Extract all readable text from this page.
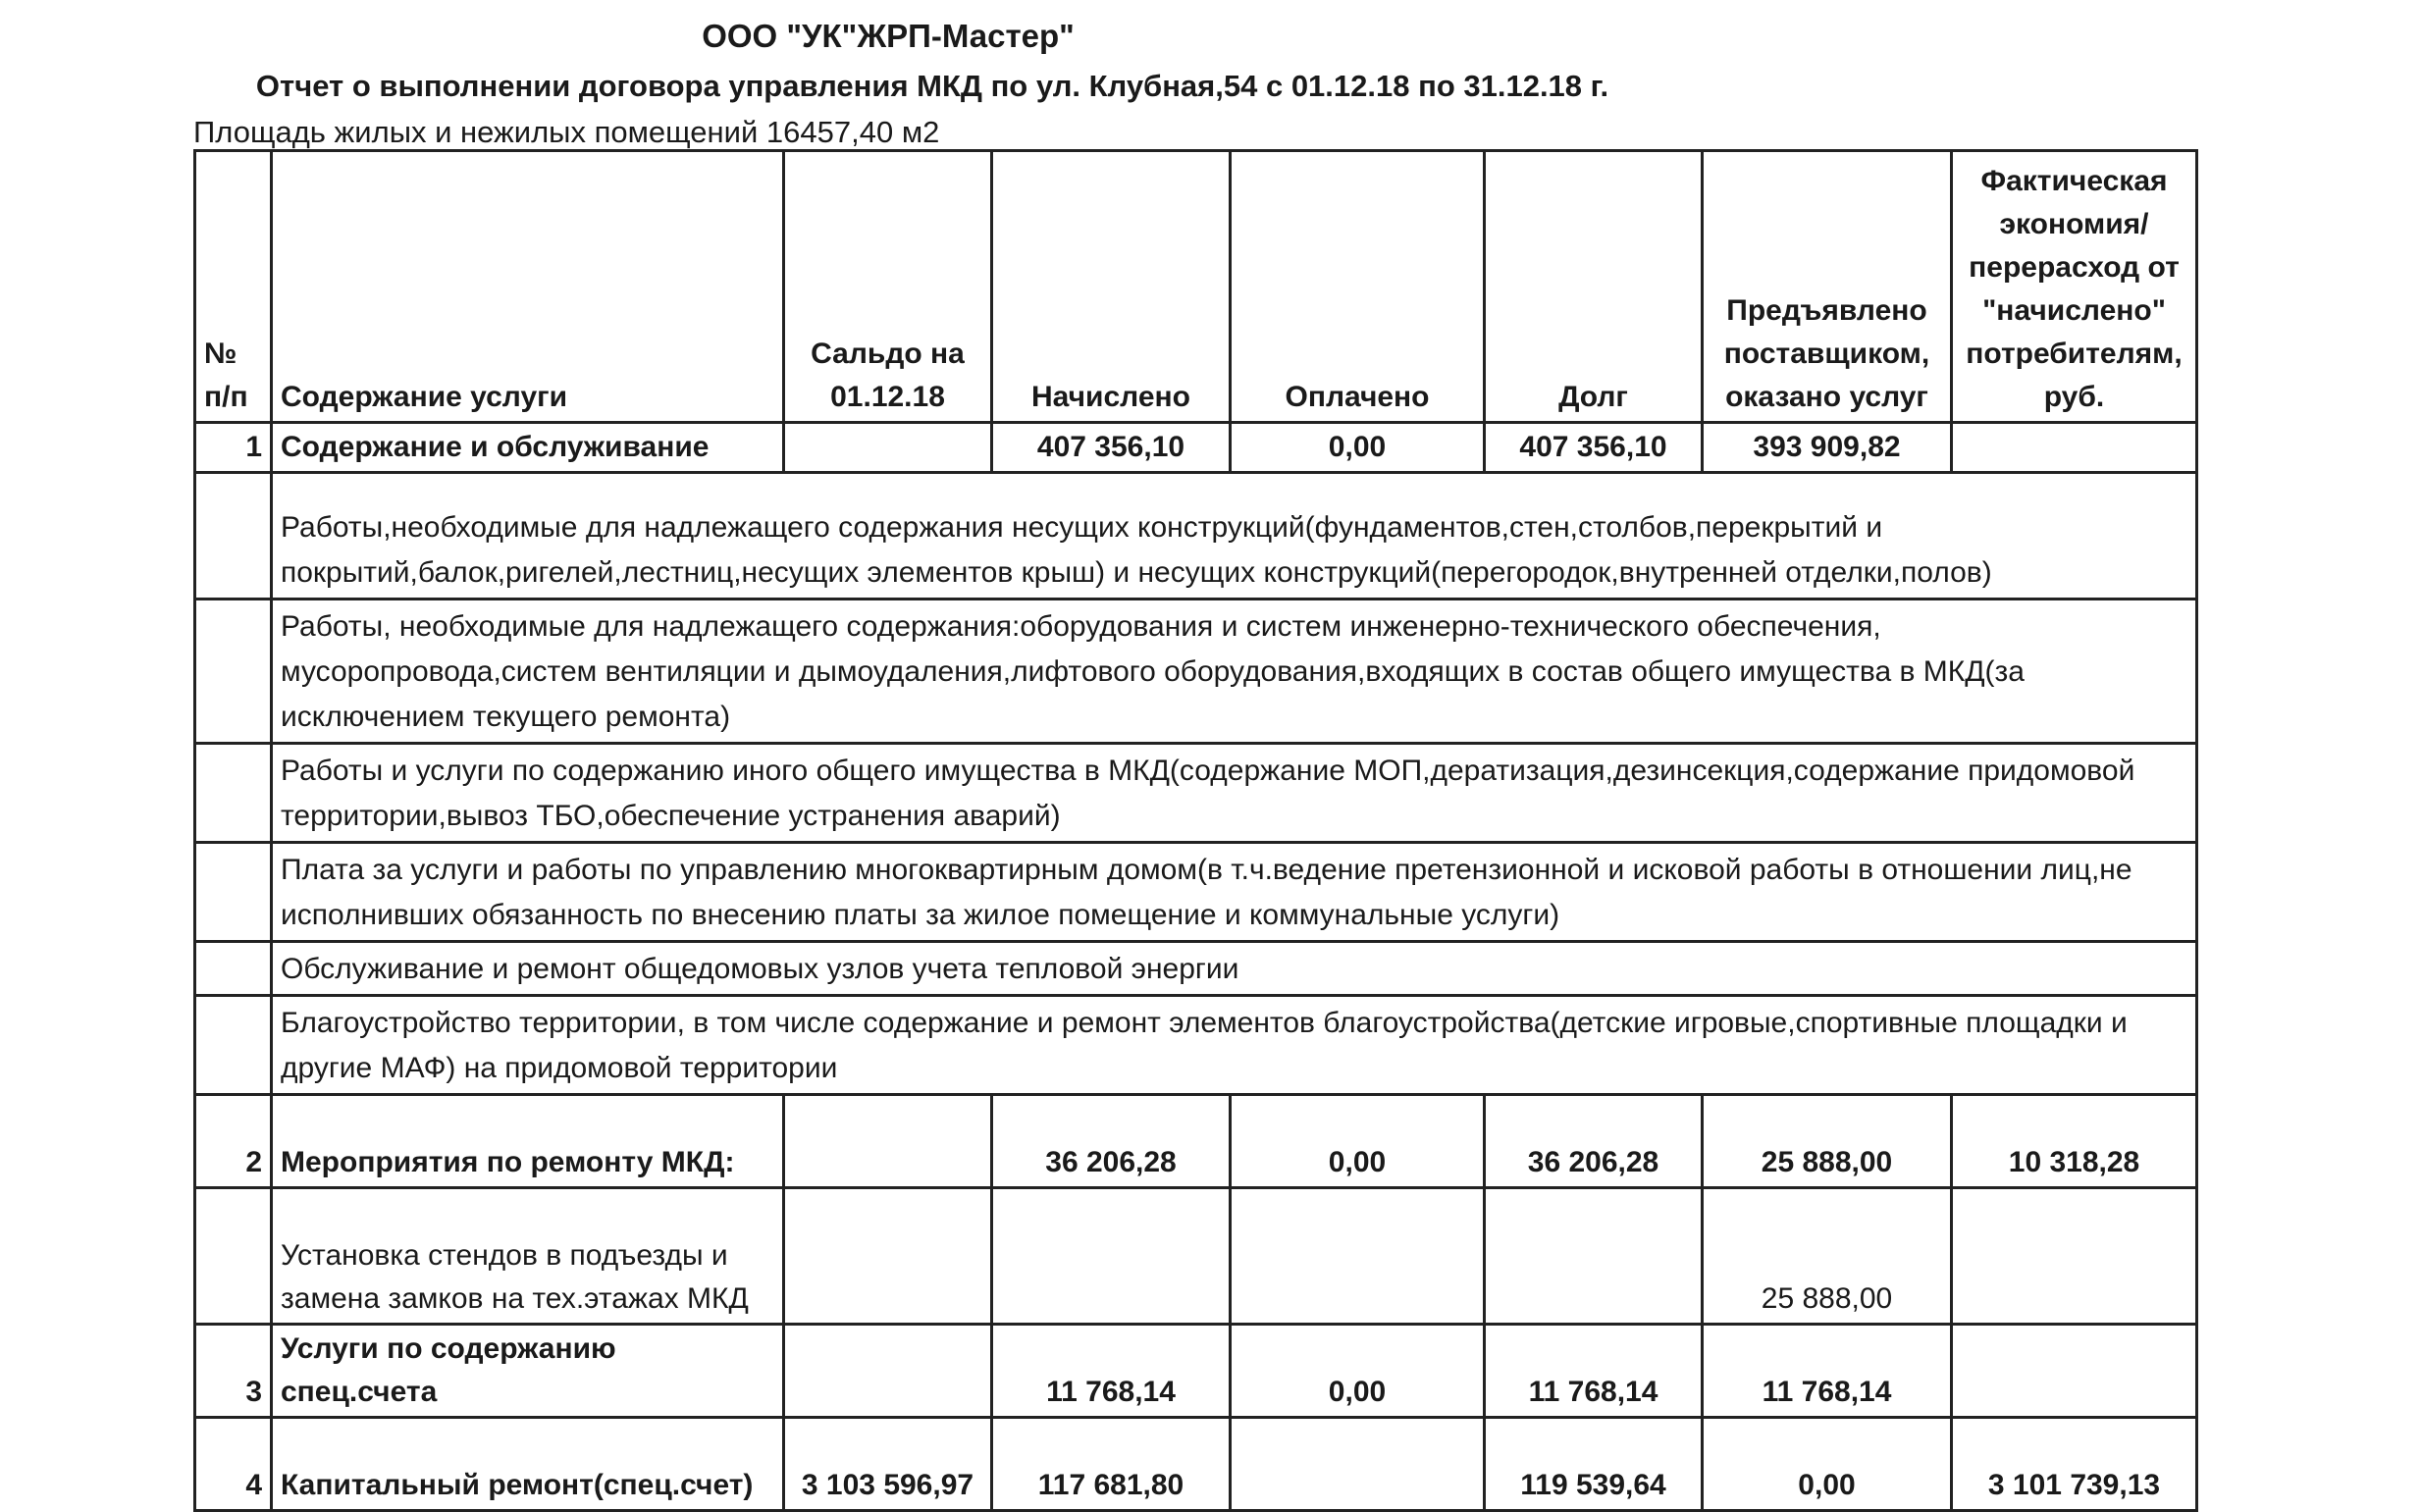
ООО "УК"ЖРП-Мастер"
Отчет о выполнении договора управления МКД по ул. Клубная,54 с 01.12.18 по 31.12.18 г.
Площадь жилых и нежилых помещений 16457,40 м2
№ п/п	Содержание услуги	Сальдо на 01.12.18	Начислено	Оплачено	Долг	Предъявлено поставщиком, оказано услуг	Фактическая экономия/перерасход от "начислено" потребителям, руб.
1	Содержание и обслуживание		407 356,10	0,00	407 356,10	393 909,82	
	Работы,необходимые для надлежащего содержания несущих конструкций(фундаментов,стен,столбов,перекрытий и покрытий,балок,ригелей,лестниц,несущих элементов крыш) и несущих конструкций(перегородок,внутренней отделки,полов)						
	Работы, необходимые для надлежащего содержания:оборудования и систем инженерно-технического обеспечения, мусоропровода,систем вентиляции и дымоудаления,лифтового оборудования,входящих в состав общего имущества в МКД(за исключением текущего ремонта)						
	Работы и услуги по содержанию иного общего имущества в МКД(содержание МОП,дератизация,дезинсекция,содержание придомовой территории,вывоз ТБО,обеспечение устранения аварий)						
	Плата за услуги и работы по управлению многоквартирным домом(в т.ч.ведение претензионной и исковой работы в отношении лиц,не исполнивших обязанность по внесению платы за жилое помещение и коммунальные услуги)						
	Обслуживание и ремонт общедомовых узлов учета тепловой энергии						
	Благоустройство территории, в том числе содержание и ремонт элементов благоустройства(детские игровые,спортивные площадки и другие МАФ) на придомовой территории						
2	Мероприятия по ремонту МКД:		36 206,28	0,00	36 206,28	25 888,00	10 318,28
	Установка стендов в подъезды и замена замков на тех.этажах МКД					25 888,00	
3	Услуги по содержанию спец.счета		11 768,14	0,00	11 768,14	11 768,14	
4	Капитальный ремонт(спец.счет)	3 103 596,97	117 681,80		119 539,64	0,00	3 101 739,13
